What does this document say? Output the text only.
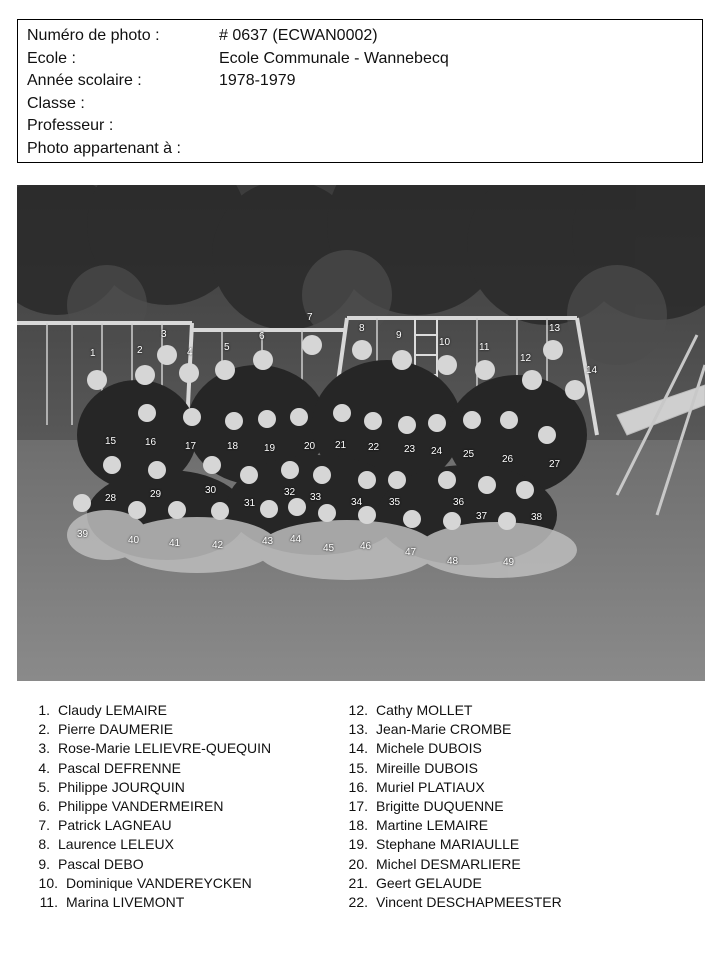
Numéro de photo :	# 0637 (ECWAN0002)
Ecole :	Ecole Communale - Wannebecq
Année scolaire :	1978-1979
Classe :
Professeur :
Photo appartenant à :
1	2
3
4	5
6
7
8
9
10	11
12
13
14
15	16	17	18	19	20 21 22 23 24 25	26	27
28	29	30
31
32 33	34	35	36
37	38
39
40	41	42	43 44
45	46
47
48	49
1. Claudy LEMAIRE
2. Pierre DAUMERIE
3. Rose-Marie LELIEVRE-QUEQUIN
4. Pascal DEFRENNE
5. Philippe JOURQUIN
6. Philippe VANDERMEIREN
7. Patrick LAGNEAU
8. Laurence LELEUX
9. Pascal DEBO
10. Dominique VANDEREYCKEN
11. Marina LIVEMONT
12. Cathy MOLLET
13. Jean-Marie CROMBE
14. Michele DUBOIS
15. Mireille DUBOIS
16. Muriel PLATIAUX
17. Brigitte DUQUENNE
18. Martine LEMAIRE
19. Stephane MARIAULLE
20. Michel DESMARLIERE
21. Geert GELAUDE
22. Vincent DESCHAPMEESTER
